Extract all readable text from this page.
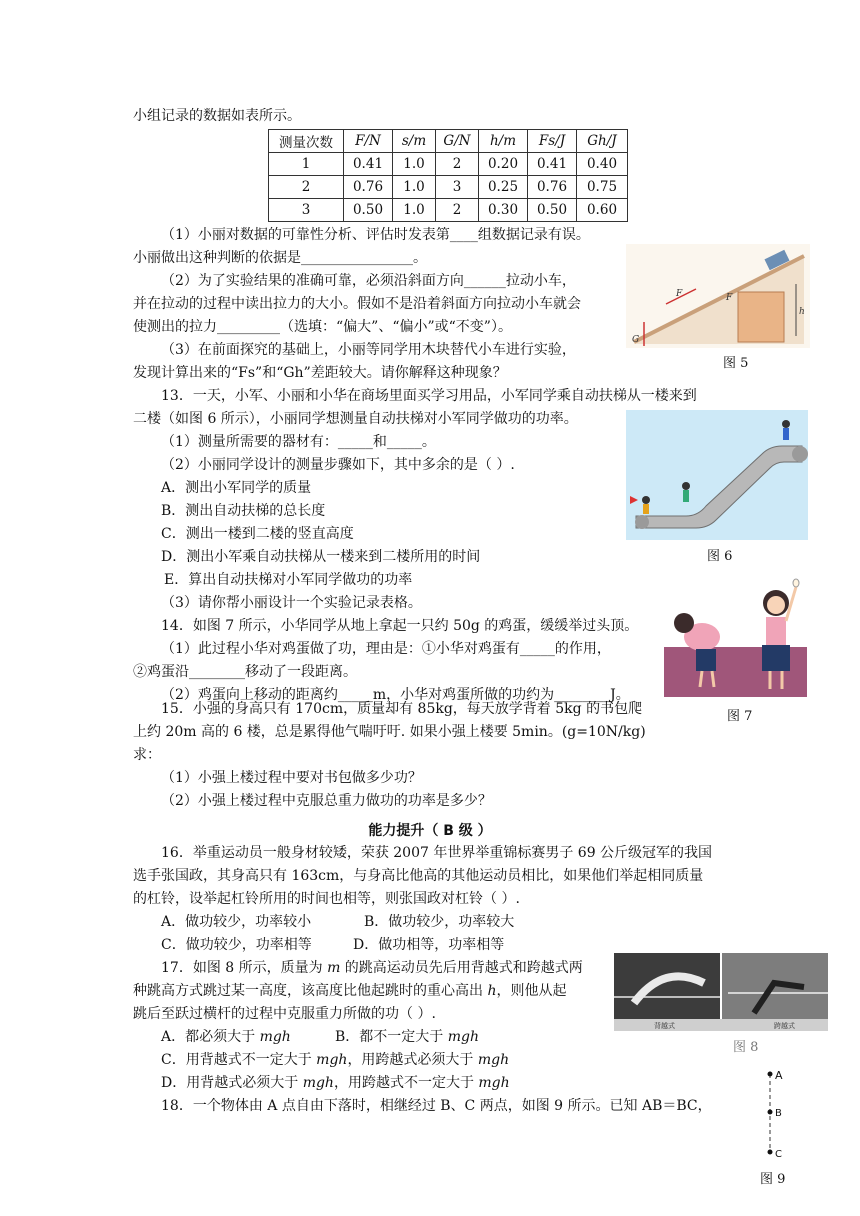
小组记录的数据如表所示。
测量次数	F/N	s/m	G/N	h/m	Fs/J	Gh/J
1	0.41	1.0	2	0.20	0.41	0.40
2	0.76	1.0	3	0.25	0.76	0.75
3	0.50	1.0	2	0.30	0.50	0.60
（1）小丽对数据的可靠性分析、评估时发表第____组数据记录有误。
小丽做出这种判断的依据是________________。
（2）为了实验结果的准确可靠，必须沿斜面方向______拉动小车，
并在拉动的过程中读出拉力的大小。假如不是沿着斜面方向拉动小车就会
使测出的拉力_________（选填：“偏大”、“偏小”或“不变”）。
（3）在前面探究的基础上，小丽等同学用木块替代小车进行实验，
发现计算出来的“Fs”和“Gh”差距较大。请你解释这种现象？
F	F
G
h
图 5
13．一天，小军、小丽和小华在商场里面买学习用品，小军同学乘自动扶梯从一楼来到
二楼（如图 6 所示），小丽同学想测量自动扶梯对小军同学做功的功率。
（1）测量所需要的器材有：_____和_____。
（2）小丽同学设计的测量步骤如下，其中多余的是（ ）.
A．测出小军同学的质量
B．测出自动扶梯的总长度
C．测出一楼到二楼的竖直高度
D．测出小军乘自动扶梯从一楼来到二楼所用的时间
E．算出自动扶梯对小军同学做功的功率
（3）请你帮小丽设计一个实验记录表格。
图 6
14．如图 7 所示，小华同学从地上拿起一只约 50g 的鸡蛋，缓缓举过头顶。
（1）此过程小华对鸡蛋做了功，理由是：①小华对鸡蛋有_____的作用，
②鸡蛋沿________移动了一段距离。
（2）鸡蛋向上移动的距离约_____m，小华对鸡蛋所做的功约为________J。
图 7
15．小强的身高只有 170cm，质量却有 85kg，每天放学背着 5kg 的书包爬
上约 20m 高的 6 楼，总是累得他气喘吁吁. 如果小强上楼要 5min。(g=10N/kg)
求：
（1）小强上楼过程中要对书包做多少功？
（2）小强上楼过程中克服总重力做功的功率是多少？
能力提升（ B 级 ）
16．举重运动员一般身材较矮，荣获 2007 年世界举重锦标赛男子 69 公斤级冠军的我国
选手张国政，其身高只有 163cm，与身高比他高的其他运动员相比，如果他们举起相同质量
的杠铃，设举起杠铃所用的时间也相等，则张国政对杠铃（ ）.
A．做功较少，功率较小	B．做功较少，功率较大
C．做功较少，功率相等	D．做功相等，功率相等
17．如图 8 所示，质量为 m 的跳高运动员先后用背越式和跨越式两
种跳高方式跳过某一高度，该高度比他起跳时的重心高出 h，则他从起
跳后至跃过横杆的过程中克服重力所做的功（ ）.
A．都必须大于 mgh	B．都不一定大于 mgh
C．用背越式不一定大于 mgh，用跨越式必须大于 mgh
D．用背越式必须大于 mgh，用跨越式不一定大于 mgh
背越式	跨越式
图 8
18．一个物体由 A 点自由下落时，相继经过 B、C 两点，如图 9 所示。已知 AB＝BC，
A
B
C
图 9
